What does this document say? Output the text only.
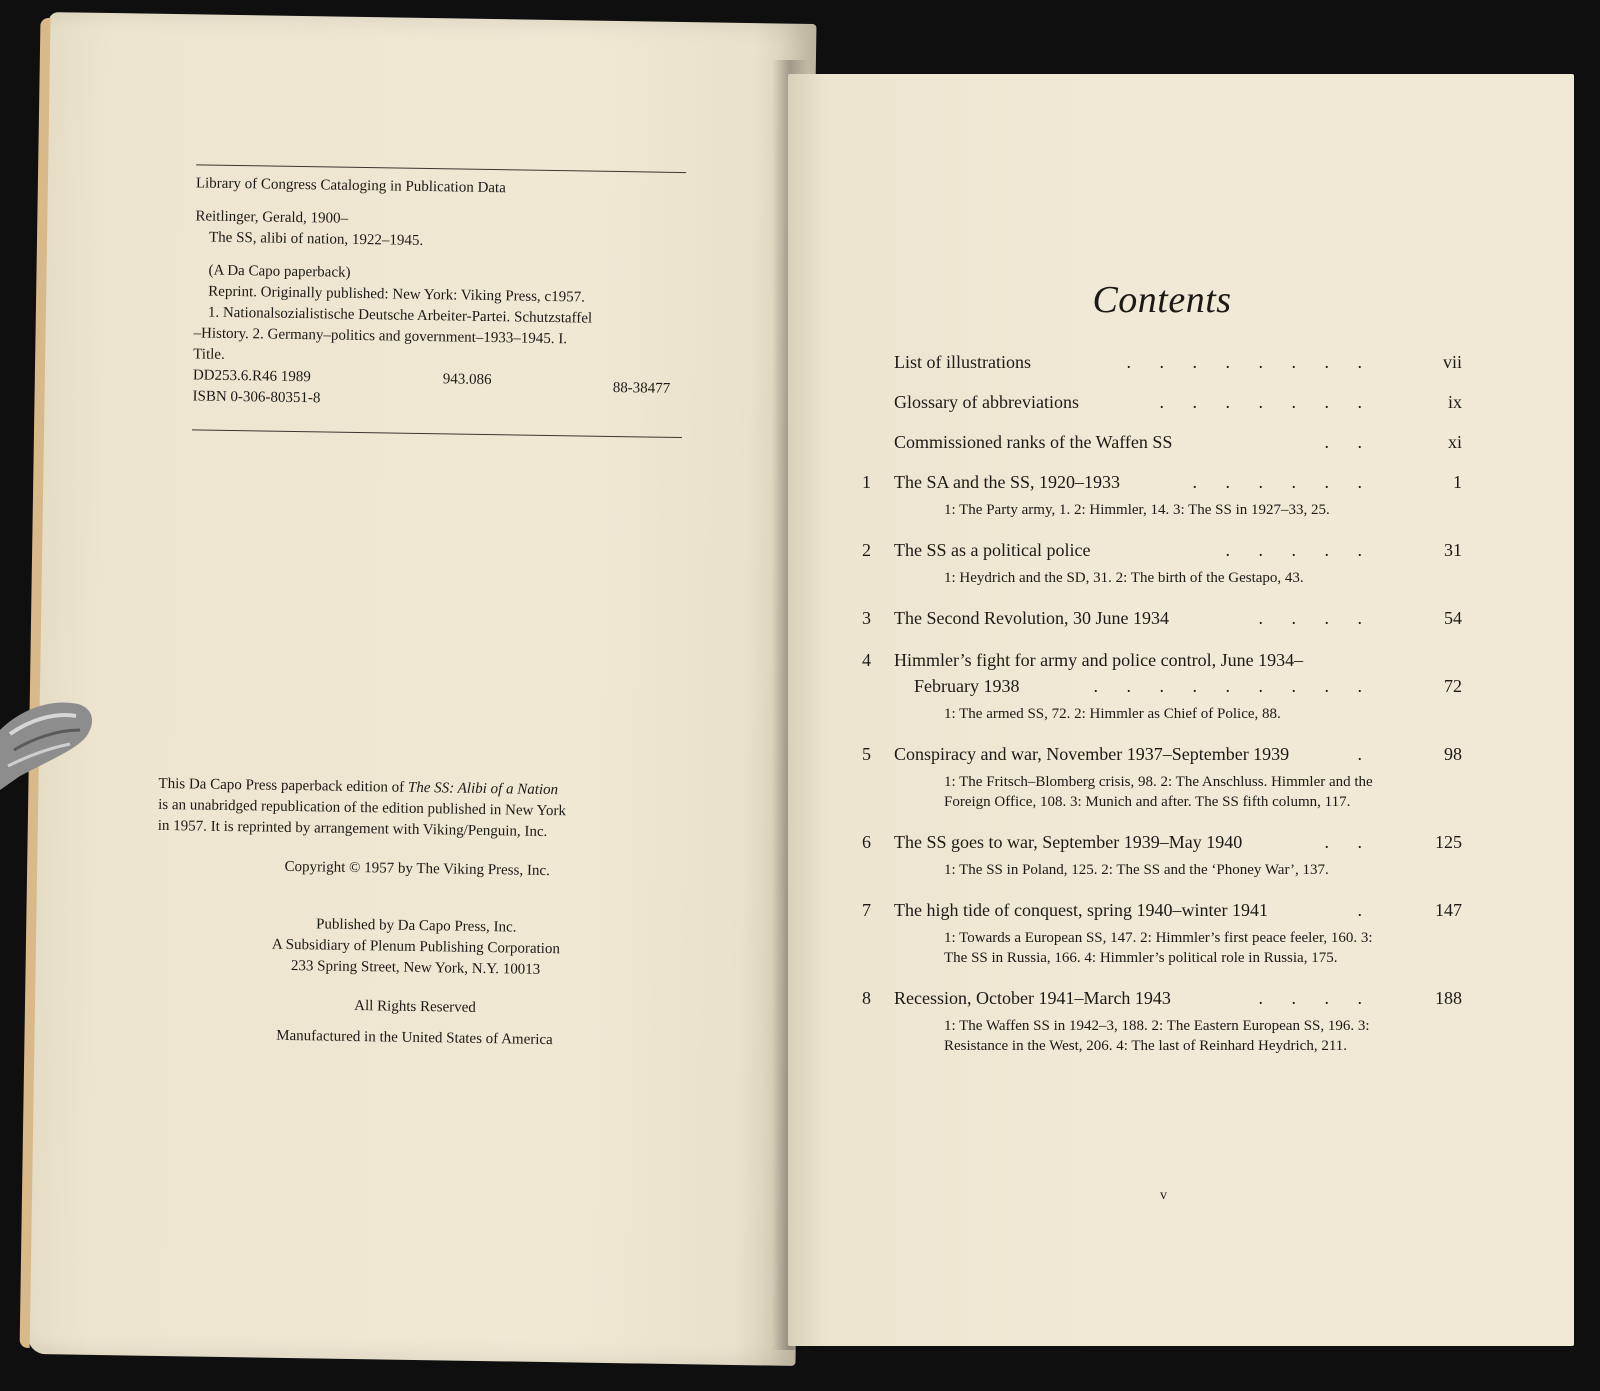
Library of Congress Cataloging in Publication Data
Reitlinger, Gerald, 1900–
The SS, alibi of nation, 1922–1945.
(A Da Capo paperback)
Reprint. Originally published: New York: Viking Press, c1957.
1. Nationalsozialistische Deutsche Arbeiter-Partei. Schutzstaffel
–History. 2. Germany–politics and government–1933–1945. I.
Title.
DD253.6.R46 1989	943.086
88-38477
ISBN 0-306-80351-8
This Da Capo Press paperback edition of The SS: Alibi of a Nation
is an unabridged republication of the edition published in New York
in 1957. It is reprinted by arrangement with Viking/Penguin, Inc.
Copyright © 1957 by The Viking Press, Inc.
Published by Da Capo Press, Inc.
A Subsidiary of Plenum Publishing Corporation
233 Spring Street, New York, N.Y. 10013
All Rights Reserved
Manufactured in the United States of America
Contents
List of illustrations	. . . . . . . .	vii
Glossary of abbreviations	. . . . . . .	ix
Commissioned ranks of the Waffen SS	. .	xi
1	The SA and the SS, 1920–1933	. . . . . .	1
1: The Party army, 1. 2: Himmler, 14. 3: The SS in 1927–33, 25.
2	The SS as a political police	. . . . .	31
1: Heydrich and the SD, 31. 2: The birth of the Gestapo, 43.
3	The Second Revolution, 30 June 1934	. . . .	54
4	Himmler’s fight for army and police control, June 1934–
February 1938	. . . . . . . . .	72
1: The armed SS, 72. 2: Himmler as Chief of Police, 88.
5	Conspiracy and war, November 1937–September 1939	.	98
1: The Fritsch–Blomberg crisis, 98. 2: The Anschluss. Himmler and the Foreign Office, 108. 3: Munich and after. The SS fifth column, 117.
6	The SS goes to war, September 1939–May 1940	. .	125
1: The SS in Poland, 125. 2: The SS and the ‘Phoney War’, 137.
7	The high tide of conquest, spring 1940–winter 1941	.	147
1: Towards a European SS, 147. 2: Himmler’s first peace feeler, 160. 3: The SS in Russia, 166. 4: Himmler’s political role in Russia, 175.
8	Recession, October 1941–March 1943	. . . .	188
1: The Waffen SS in 1942–3, 188. 2: The Eastern European SS, 196. 3: Resistance in the West, 206. 4: The last of Reinhard Heydrich, 211.
v
